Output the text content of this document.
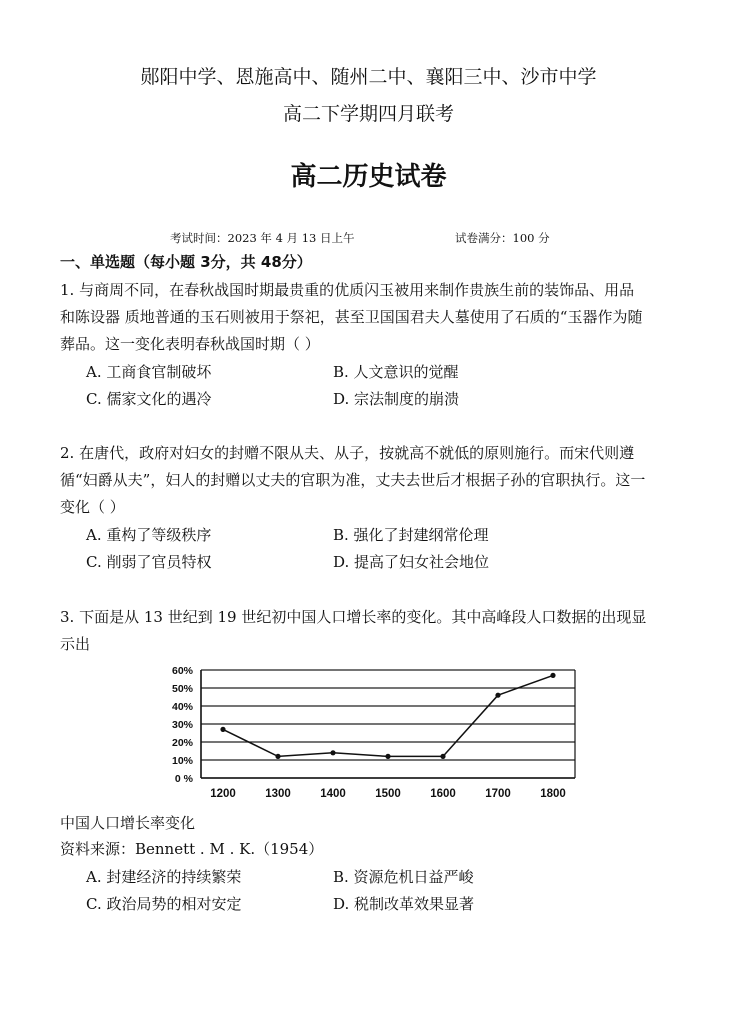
郧阳中学、恩施高中、随州二中、襄阳三中、沙市中学
高二下学期四月联考
高二历史试卷
考试时间：2023 年 4 月 13 日上午	试卷满分：100 分
一、单选题（每小题 3分，共 48分）
1. 与商周不同，在春秋战国时期最贵重的优质闪玉被用来制作贵族生前的装饰品、用品
和陈设器 质地普通的玉石则被用于祭祀，甚至卫国国君夫人墓使用了石质的“玉器作为随
葬品。这一变化表明春秋战国时期（ ）
A. 工商食官制破坏	B. 人文意识的觉醒
C. 儒家文化的遇冷	D. 宗法制度的崩溃
2. 在唐代，政府对妇女的封赠不限从夫、从子，按就高不就低的原则施行。而宋代则遵
循“妇爵从夫”，妇人的封赠以丈夫的官职为准，丈夫去世后才根据子孙的官职执行。这一
变化（ ）
A. 重构了等级秩序	B. 强化了封建纲常伦理
C. 削弱了官员特权	D. 提高了妇女社会地位
3. 下面是从 13 世纪到 19 世纪初中国人口增长率的变化。其中高峰段人口数据的出现显
示出
0 %
10%
20%
30%
40%
50%
60%
1200	1300	1400	1500	1600	1700	1800
中国人口增长率变化
资料来源：Bennett . M . K.（1954）
A. 封建经济的持续繁荣	B. 资源危机日益严峻
C. 政治局势的相对安定	D. 税制改革效果显著
